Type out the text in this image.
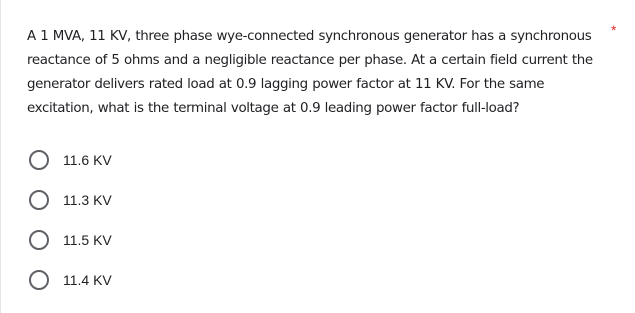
A 1 MVA, 11 KV, three phase wye-connected synchronous generator has a synchronous reactance of 5 ohms and a negligible reactance per phase. At a certain field current the generator delivers rated load at 0.9 lagging power factor at 11 KV. For the same excitation, what is the terminal voltage at 0.9 leading power factor full-load?

*
11.6 KV
11.3 KV
11.5 KV
11.4 KV
